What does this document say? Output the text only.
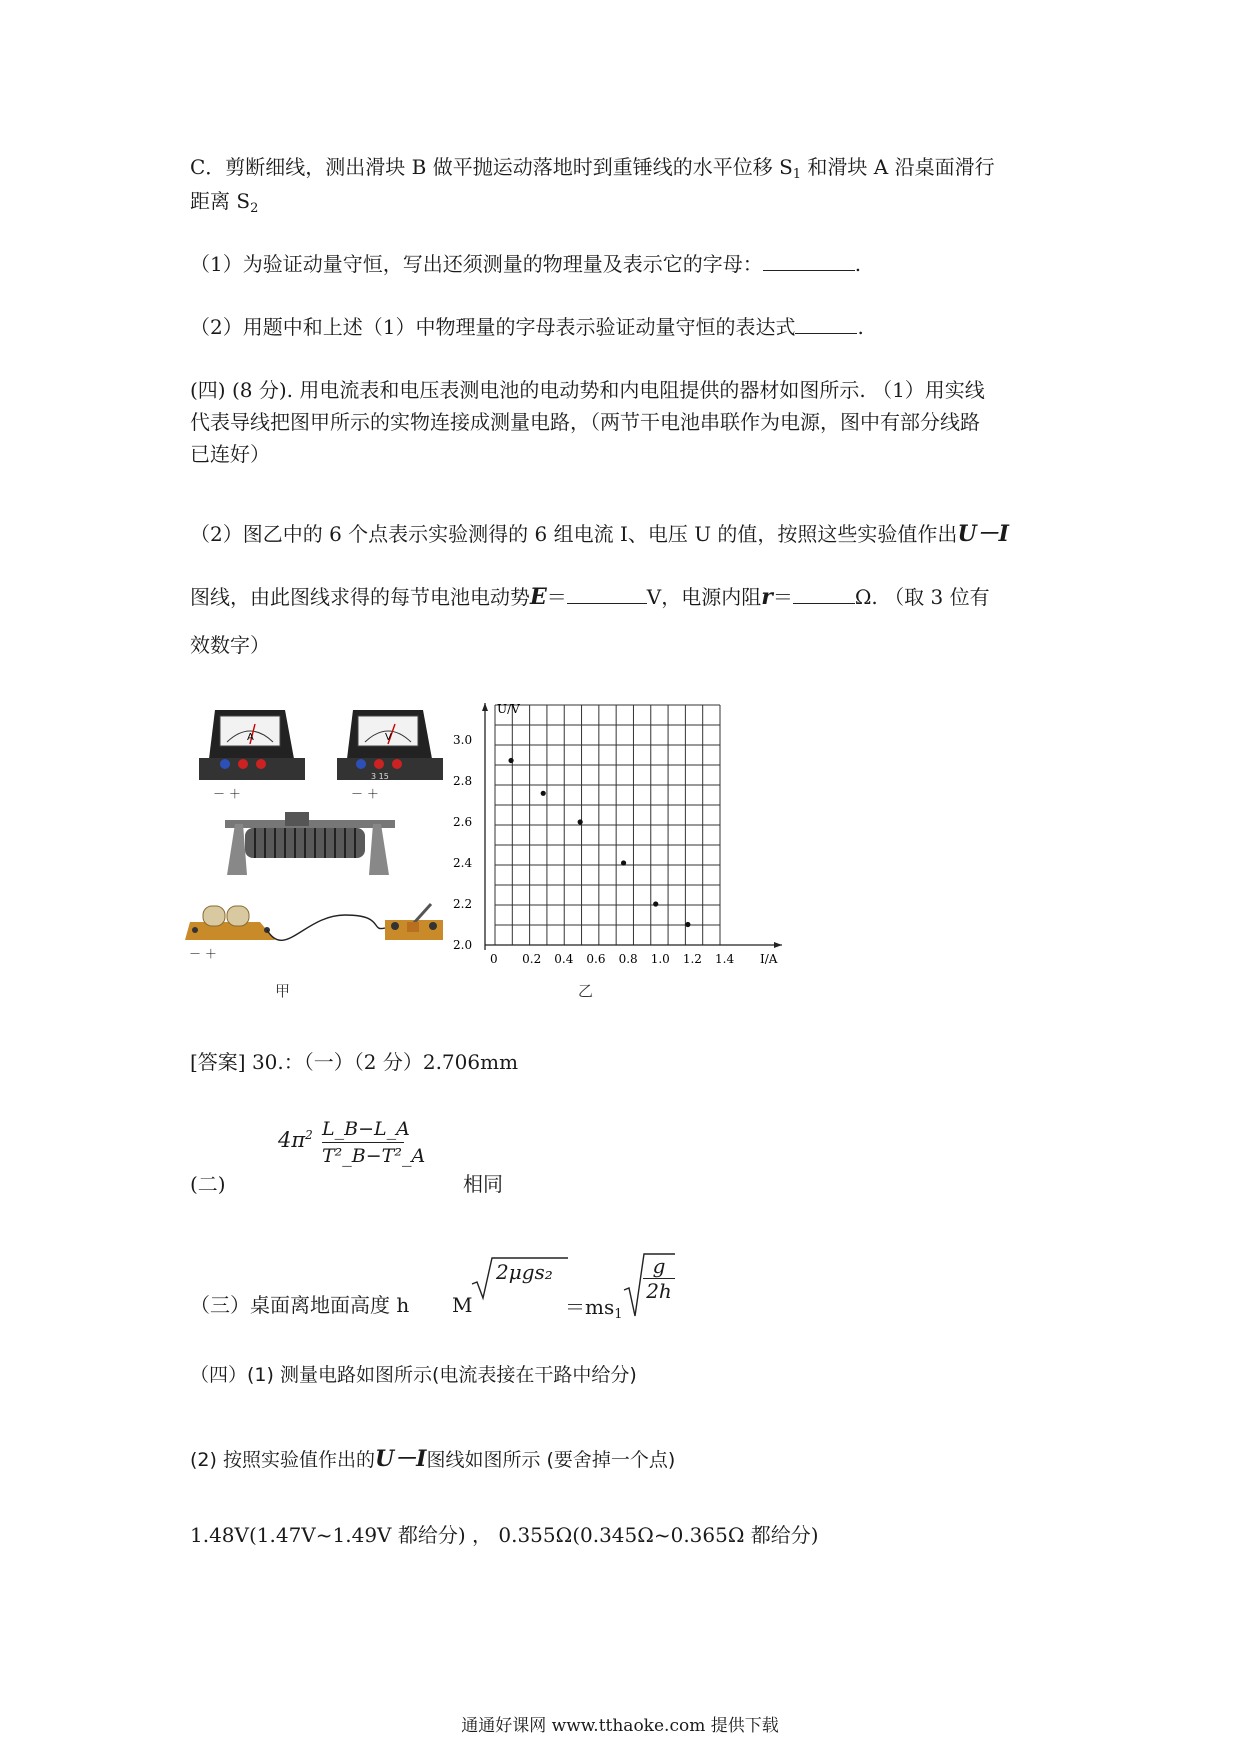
C．剪断细线，测出滑块 B 做平抛运动落地时到重锤线的水平位移 $S_1$ 和滑块 A 沿桌面滑行
距离 $S_2$
（1）为验证动量守恒，写出还须测量的物理量及表示它的字母：	.
（2）用题中和上述（1）中物理量的字母表示验证动量守恒的表达式	.
(四) (8 分). 用电流表和电压表测电池的电动势和内电阻提供的器材如图所示. （1）用实线
代表导线把图甲所示的实物连接成测量电路，（两节干电池串联作为电源，图中有部分线路
已连好）
（2）图乙中的 6 个点表示实验测得的 6 组电流 I、电压 U 的值，按照这些实验值作出U－I
图线，由此图线求得的每节电池电动势E＝	V，电源内阻r＝	Ω. （取 3 位有
效数字）
－ ＋
A
3 15
－ ＋
V
－ ＋
甲
U/V
I/A
0 0.2 0.4 0.6 0.8 1.0 1.2 1.4
2.0
2.2
2.4
2.6
2.8
3.0
乙
[答案] 30.：（一）（2 分）2.706mm
(二)
$4\pi^2$ L_B−L_A
T²_B−T²_A
相同
（三）桌面离地面高度 h M
2μgs₂
$=ms_1$
g
2h
（四）(1) 测量电路如图所示(电流表接在干路中给分)
(2) 按照实验值作出的U－I图线如图所示 (要舍掉一个点)
1.48V(1.47V~1.49V 都给分) ， 0.355Ω(0.345Ω~0.365Ω 都给分)
通通好课网 www.tthaoke.com 提供下载
